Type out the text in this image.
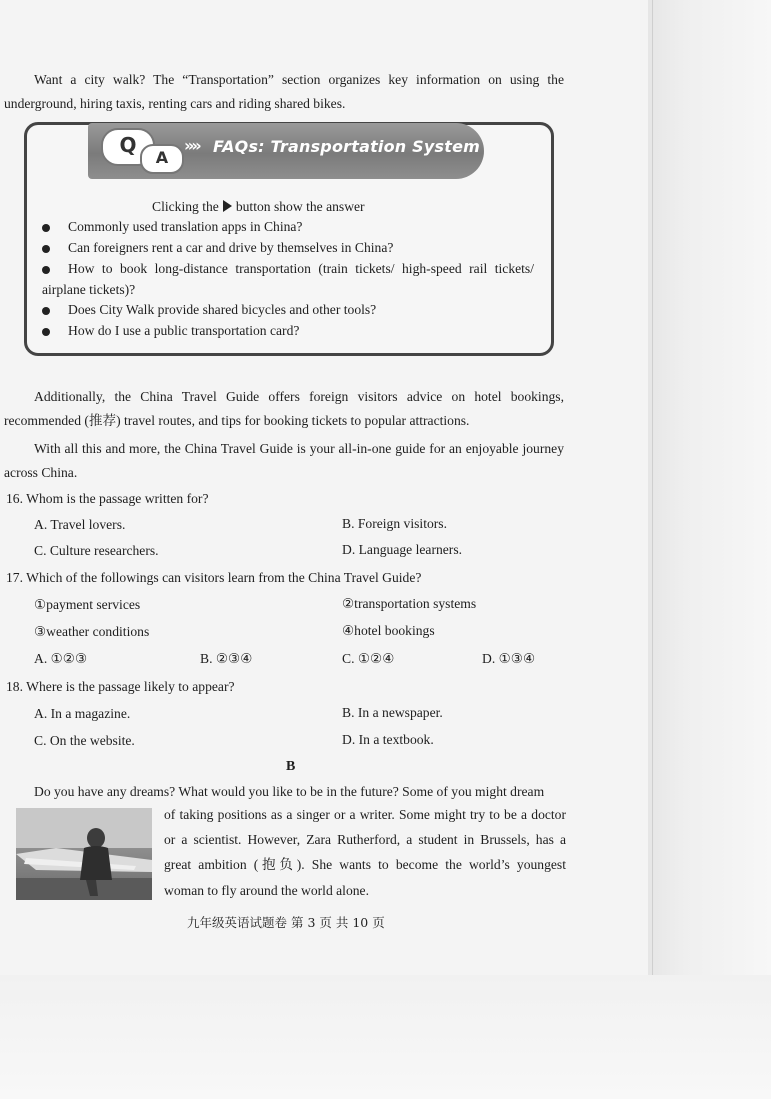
Want a city walk? The “Transportation” section organizes key information on using the underground, hiring taxis, renting cars and riding shared bikes.
Q
A
»» FAQs: Transportation System
Clicking the button show the answer
Commonly used translation apps in China?
Can foreigners rent a car and drive by themselves in China?
How to book long-distance transportation (train tickets/ high-speed rail tickets/
airplane tickets)?
Does City Walk provide shared bicycles and other tools?
How do I use a public transportation card?
Additionally, the China Travel Guide offers foreign visitors advice on hotel bookings, recommended (推荐) travel routes, and tips for booking tickets to popular attractions.
With all this and more, the China Travel Guide is your all-in-one guide for an enjoyable journey across China.
16. Whom is the passage written for?
A. Travel lovers.	B. Foreign visitors.
C. Culture researchers.	D. Language learners.
17. Which of the followings can visitors learn from the China Travel Guide?
①payment services	②transportation systems
③weather conditions	④hotel bookings
A. ①②③	B. ②③④	C. ①②④	D. ①③④
18. Where is the passage likely to appear?
A. In a magazine.	B. In a newspaper.
C. On the website.	D. In a textbook.
B
Do you have any dreams? What would you like to be in the future? Some of you might dream
of taking positions as a singer or a writer. Some might try to be a doctor
or a scientist. However, Zara Rutherford, a student in Brussels, has a
great ambition (抱负). She wants to become the world’s youngest
woman to fly around the world alone.
九年级英语试题卷 第 3 页 共 10 页
